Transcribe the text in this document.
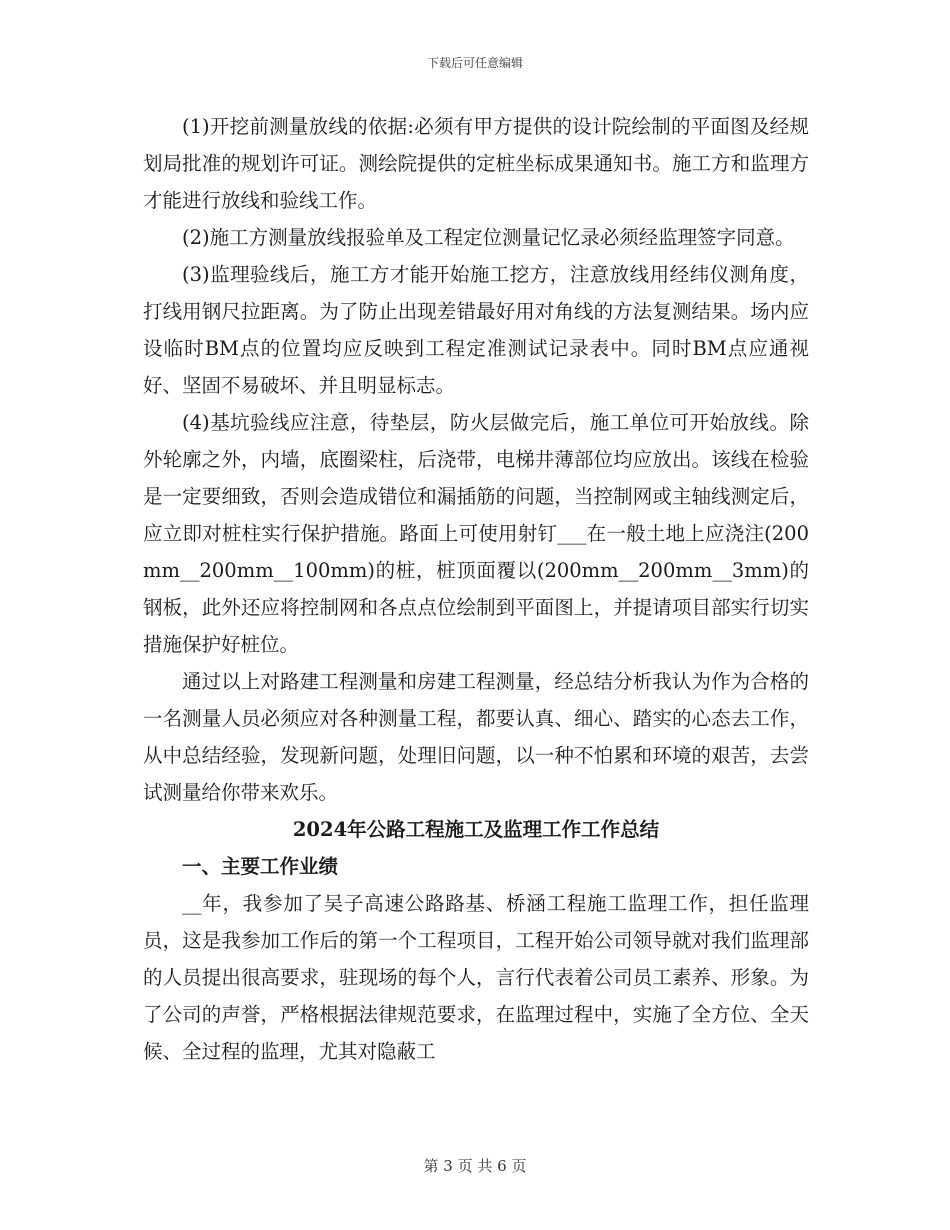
下载后可任意编辑

(1)开挖前测量放线的依据:必须有甲方提供的设计院绘制的平面图及经规划局批准的规划许可证。测绘院提供的定桩坐标成果通知书。施工方和监理方才能进行放线和验线工作。

(2)施工方测量放线报验单及工程定位测量记忆录必须经监理签字同意。

(3)监理验线后，施工方才能开始施工挖方，注意放线用经纬仪测角度，打线用钢尺拉距离。为了防止出现差错最好用对角线的方法复测结果。场内应设临时BM点的位置均应反映到工程定准测试记录表中。同时BM点应通视好、坚固不易破坏、并且明显标志。

(4)基坑验线应注意，待垫层，防火层做完后，施工单位可开始放线。除外轮廓之外，内墙，底圈梁柱，后浇带，电梯井薄部位均应放出。该线在检验是一定要细致，否则会造成错位和漏插筋的问题，当控制网或主轴线测定后，应立即对桩柱实行保护措施。路面上可使用射钉___在一般土地上应浇注(200mm__200mm__100mm)的桩，桩顶面覆以(200mm__200mm__3mm)的钢板，此外还应将控制网和各点点位绘制到平面图上，并提请项目部实行切实措施保护好桩位。

通过以上对路建工程测量和房建工程测量，经总结分析我认为作为合格的一名测量人员必须应对各种测量工程，都要认真、细心、踏实的心态去工作，从中总结经验，发现新问题，处理旧问题，以一种不怕累和环境的艰苦，去尝试测量给你带来欢乐。

2024年公路工程施工及监理工作工作总结

一、主要工作业绩

__年，我参加了吴子高速公路路基、桥涵工程施工监理工作，担任监理员，这是我参加工作后的第一个工程项目，工程开始公司领导就对我们监理部的人员提出很高要求，驻现场的每个人，言行代表着公司员工素养、形象。为了公司的声誉，严格根据法律规范要求，在监理过程中，实施了全方位、全天候、全过程的监理，尤其对隐蔽工

第 3 页 共 6 页
